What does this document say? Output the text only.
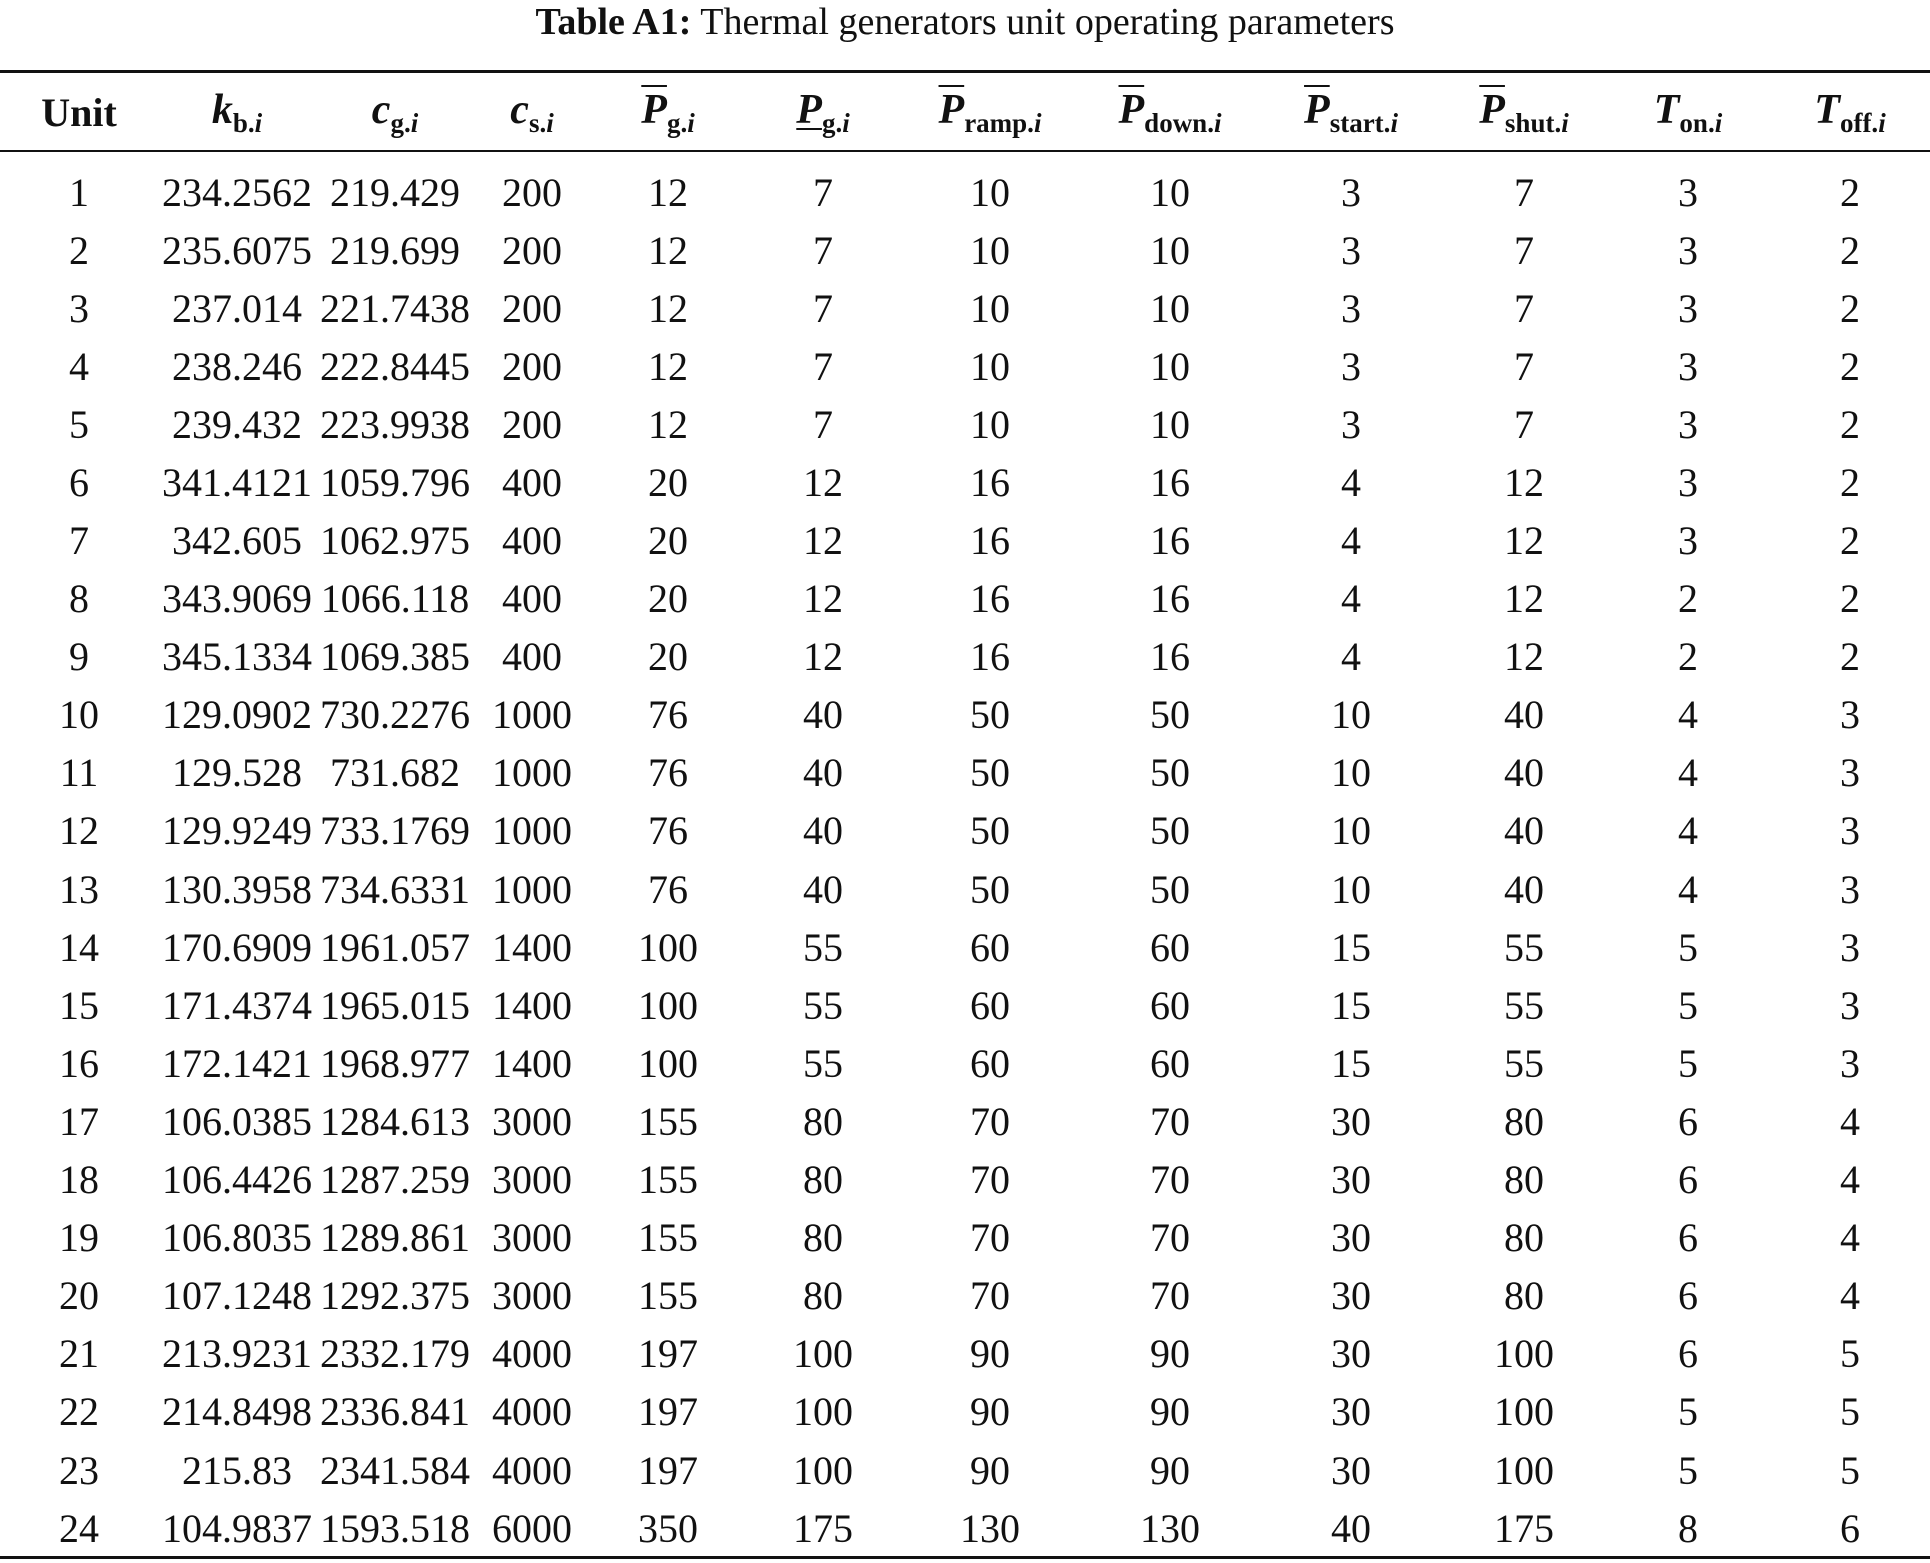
Table A1: Thermal generators unit operating parameters
Unit	$k_{b.i}$	$c_{g.i}$	$c_{s.i}$	$\overline{P}_{g.i}$	$P_{g.i}$	$\overline{P}_{ramp.i}$	$\overline{P}_{down.i}$	$\overline{P}_{start.i}$	$\overline{P}_{shut.i}$	$T_{on.i}$	$T_{off.i}$
1	234.2562	219.429	200	12	7	10	10	3	7	3	2
2	235.6075	219.699	200	12	7	10	10	3	7	3	2
3	237.014	221.7438	200	12	7	10	10	3	7	3	2
4	238.246	222.8445	200	12	7	10	10	3	7	3	2
5	239.432	223.9938	200	12	7	10	10	3	7	3	2
6	341.4121	1059.796	400	20	12	16	16	4	12	3	2
7	342.605	1062.975	400	20	12	16	16	4	12	3	2
8	343.9069	1066.118	400	20	12	16	16	4	12	2	2
9	345.1334	1069.385	400	20	12	16	16	4	12	2	2
10	129.0902	730.2276	1000	76	40	50	50	10	40	4	3
11	129.528	731.682	1000	76	40	50	50	10	40	4	3
12	129.9249	733.1769	1000	76	40	50	50	10	40	4	3
13	130.3958	734.6331	1000	76	40	50	50	10	40	4	3
14	170.6909	1961.057	1400	100	55	60	60	15	55	5	3
15	171.4374	1965.015	1400	100	55	60	60	15	55	5	3
16	172.1421	1968.977	1400	100	55	60	60	15	55	5	3
17	106.0385	1284.613	3000	155	80	70	70	30	80	6	4
18	106.4426	1287.259	3000	155	80	70	70	30	80	6	4
19	106.8035	1289.861	3000	155	80	70	70	30	80	6	4
20	107.1248	1292.375	3000	155	80	70	70	30	80	6	4
21	213.9231	2332.179	4000	197	100	90	90	30	100	6	5
22	214.8498	2336.841	4000	197	100	90	90	30	100	5	5
23	215.83	2341.584	4000	197	100	90	90	30	100	5	5
24	104.9837	1593.518	6000	350	175	130	130	40	175	8	6
